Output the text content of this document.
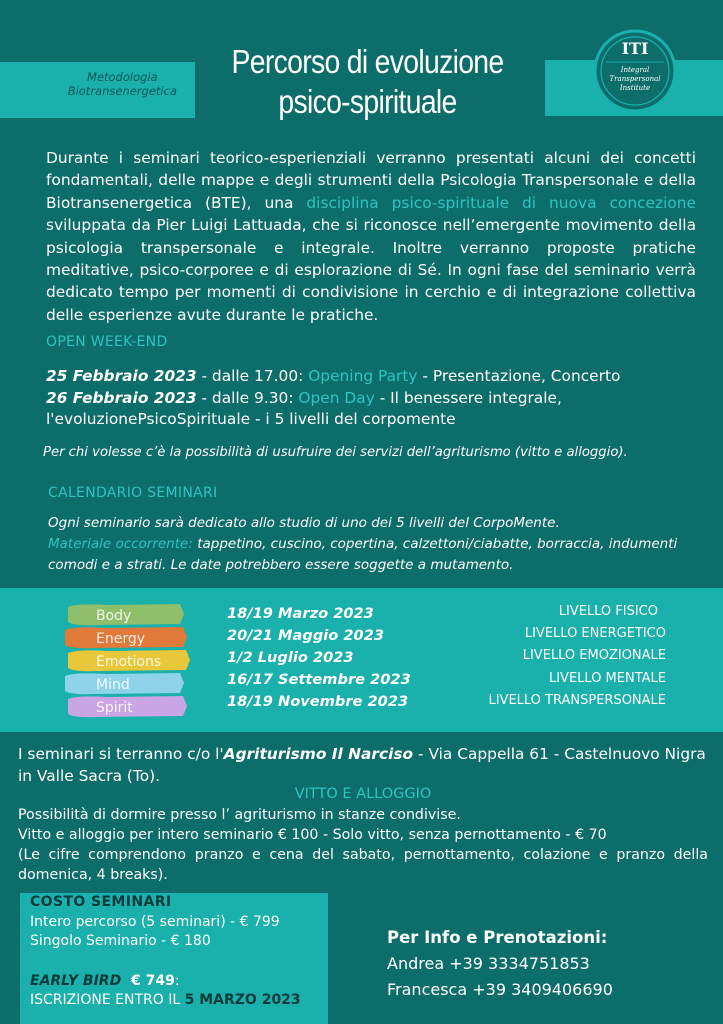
Metodologia
Biotransenergetica
Percorso di evoluzione
psico-spirituale
ITI
Integral
Transpersonal
Institute
Durante i seminari teorico-esperienziali verranno presentati alcuni dei concetti fondamentali, delle mappe e degli strumenti della Psicologia Transpersonale e della Biotransenergetica (BTE), una disciplina psico-spirituale di nuova concezione sviluppata da Pier Luigi Lattuada, che si riconosce nell’emergente movimento della psicologia transpersonale e integrale. Inoltre verranno proposte pratiche meditative, psico-corporee e di esplorazione di Sé. In ogni fase del seminario verrà dedicato tempo per momenti di condivisione in cerchio e di integrazione collettiva delle esperienze avute durante le pratiche.
OPEN WEEK-END
25 Febbraio 2023 - dalle 17.00: Opening Party - Presentazione, Concerto
26 Febbraio 2023 - dalle 9.30: Open Day - Il benessere integrale, l'evoluzionePsicoSpirituale - i 5 livelli del corpomente
Per chi volesse c’è la possibilità di usufruire dei servizi dell’agriturismo (vitto e alloggio).
CALENDARIO SEMINARI
Ogni seminario sarà dedicato allo studio di uno dei 5 livelli del CorpoMente.
Materiale occorrente: tappetino, cuscino, copertina, calzettoni/ciabatte, borraccia, indumenti comodi e a strati. Le date potrebbero essere soggette a mutamento.
Body
Energy
Emotions
Mind
Spirit
18/19 Marzo 2023
20/21 Maggio 2023
1/2 Luglio 2023
16/17 Settembre 2023
18/19 Novembre 2023
LIVELLO FISICO
LIVELLO ENERGETICO
LIVELLO EMOZIONALE
LIVELLO MENTALE
LIVELLO TRANSPERSONALE
I seminari si terranno c/o l'Agriturismo Il Narciso - Via Cappella 61 - Castelnuovo Nigra in Valle Sacra (To).
VITTO E ALLOGGIO
Possibilità di dormire presso l’ agriturismo in stanze condivise.
Vitto e alloggio per intero seminario € 100 - Solo vitto, senza pernottamento - € 70
(Le cifre comprendono pranzo e cena del sabato, pernottamento, colazione e pranzo della domenica, 4 breaks).
COSTO SEMINARI
Intero percorso (5 seminari) - € 799
Singolo Seminario - € 180
EARLY BIRD  € 749:
ISCRIZIONE ENTRO IL 5 MARZO 2023
Per Info e Prenotazioni:
Andrea +39 3334751853
Francesca +39 3409406690
